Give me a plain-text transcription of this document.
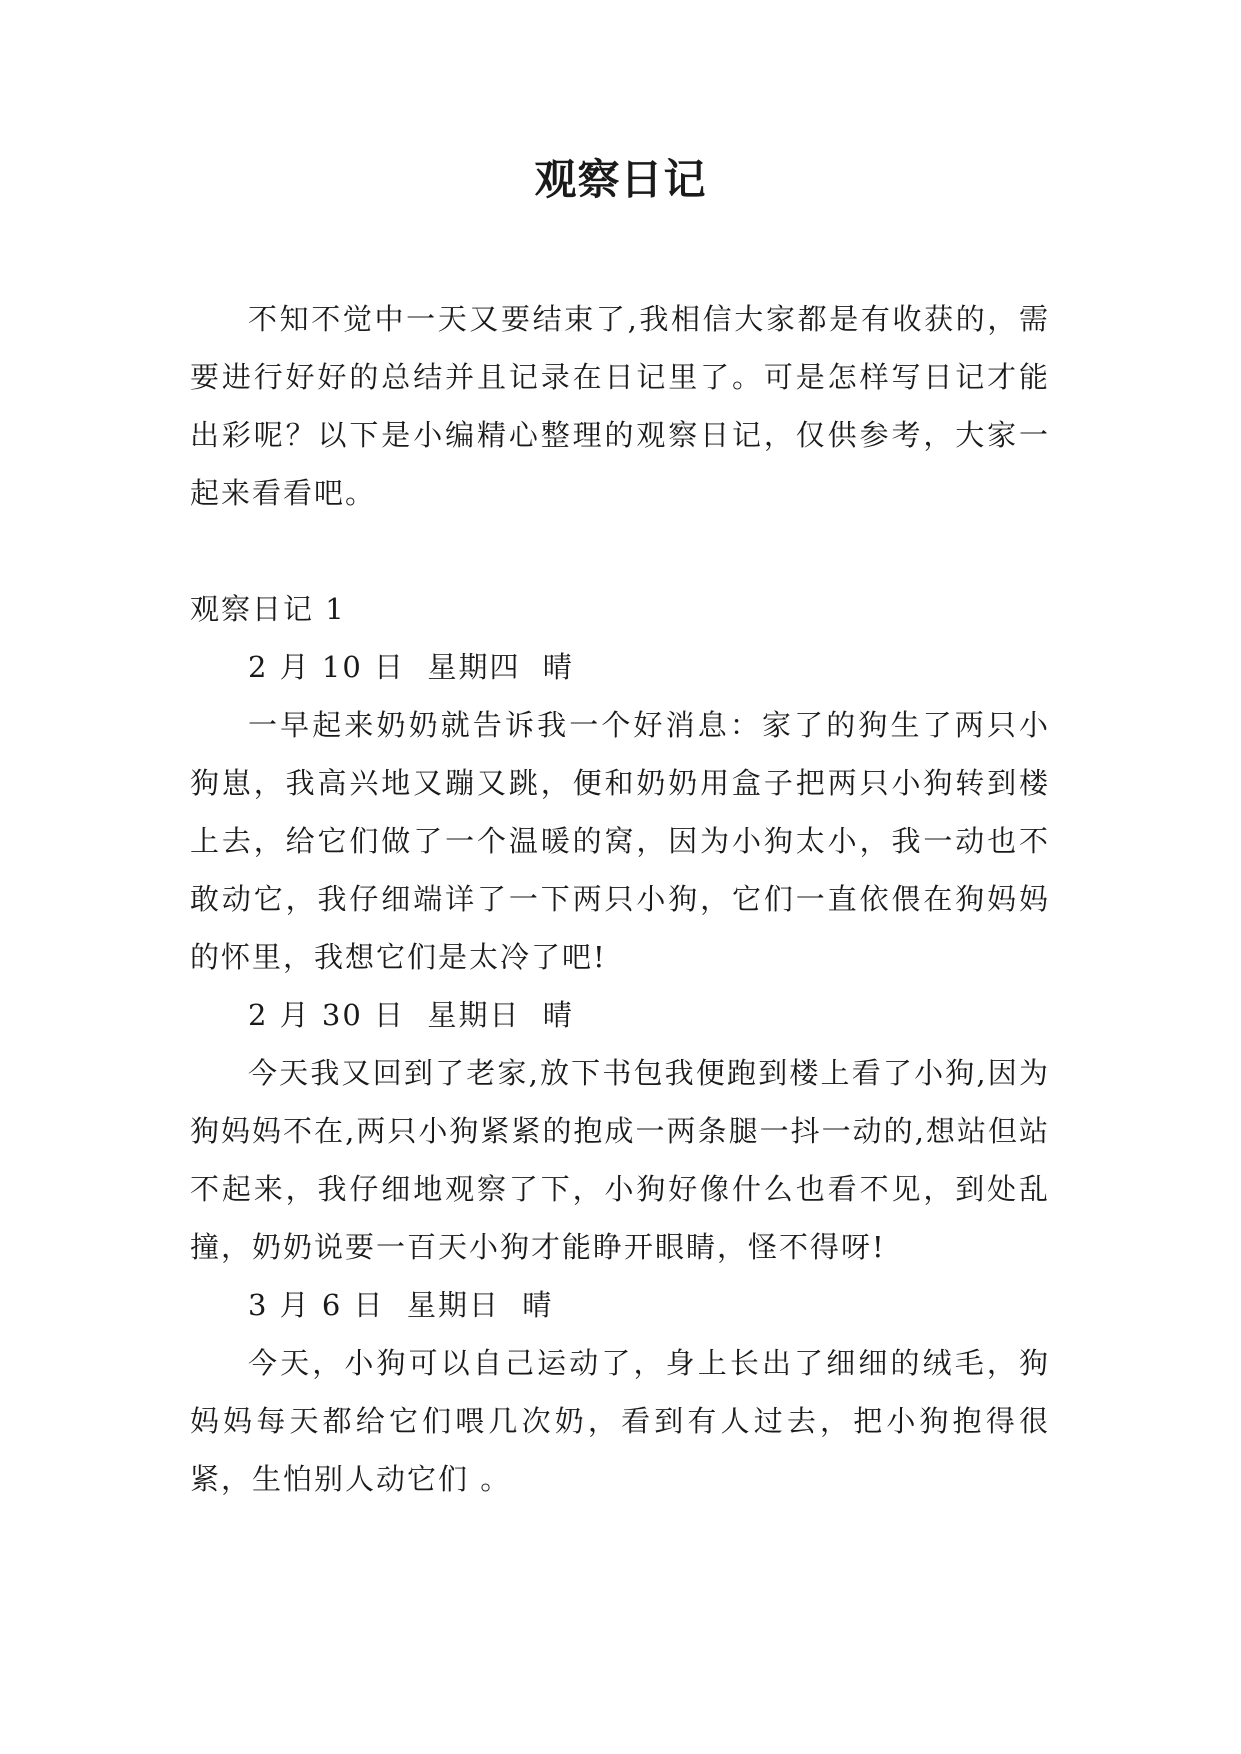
观察日记

不知不觉中一天又要结束了,我相信大家都是有收获的，需要进行好好的总结并且记录在日记里了。可是怎样写日记才能出彩呢？以下是小编精心整理的观察日记，仅供参考，大家一起来看看吧。

观察日记 1

2 月 10 日  星期四  晴

一早起来奶奶就告诉我一个好消息：家了的狗生了两只小狗崽，我高兴地又蹦又跳，便和奶奶用盒子把两只小狗转到楼上去，给它们做了一个温暖的窝，因为小狗太小，我一动也不敢动它，我仔细端详了一下两只小狗，它们一直依偎在狗妈妈的怀里，我想它们是太冷了吧!

2 月 30 日  星期日  晴

今天我又回到了老家,放下书包我便跑到楼上看了小狗,因为狗妈妈不在,两只小狗紧紧的抱成一两条腿一抖一动的,想站但站不起来，我仔细地观察了下，小狗好像什么也看不见，到处乱撞，奶奶说要一百天小狗才能睁开眼睛，怪不得呀!

3 月 6 日  星期日  晴

今天，小狗可以自己运动了，身上长出了细细的绒毛，狗妈妈每天都给它们喂几次奶，看到有人过去，把小狗抱得很紧，生怕别人动它们 。
